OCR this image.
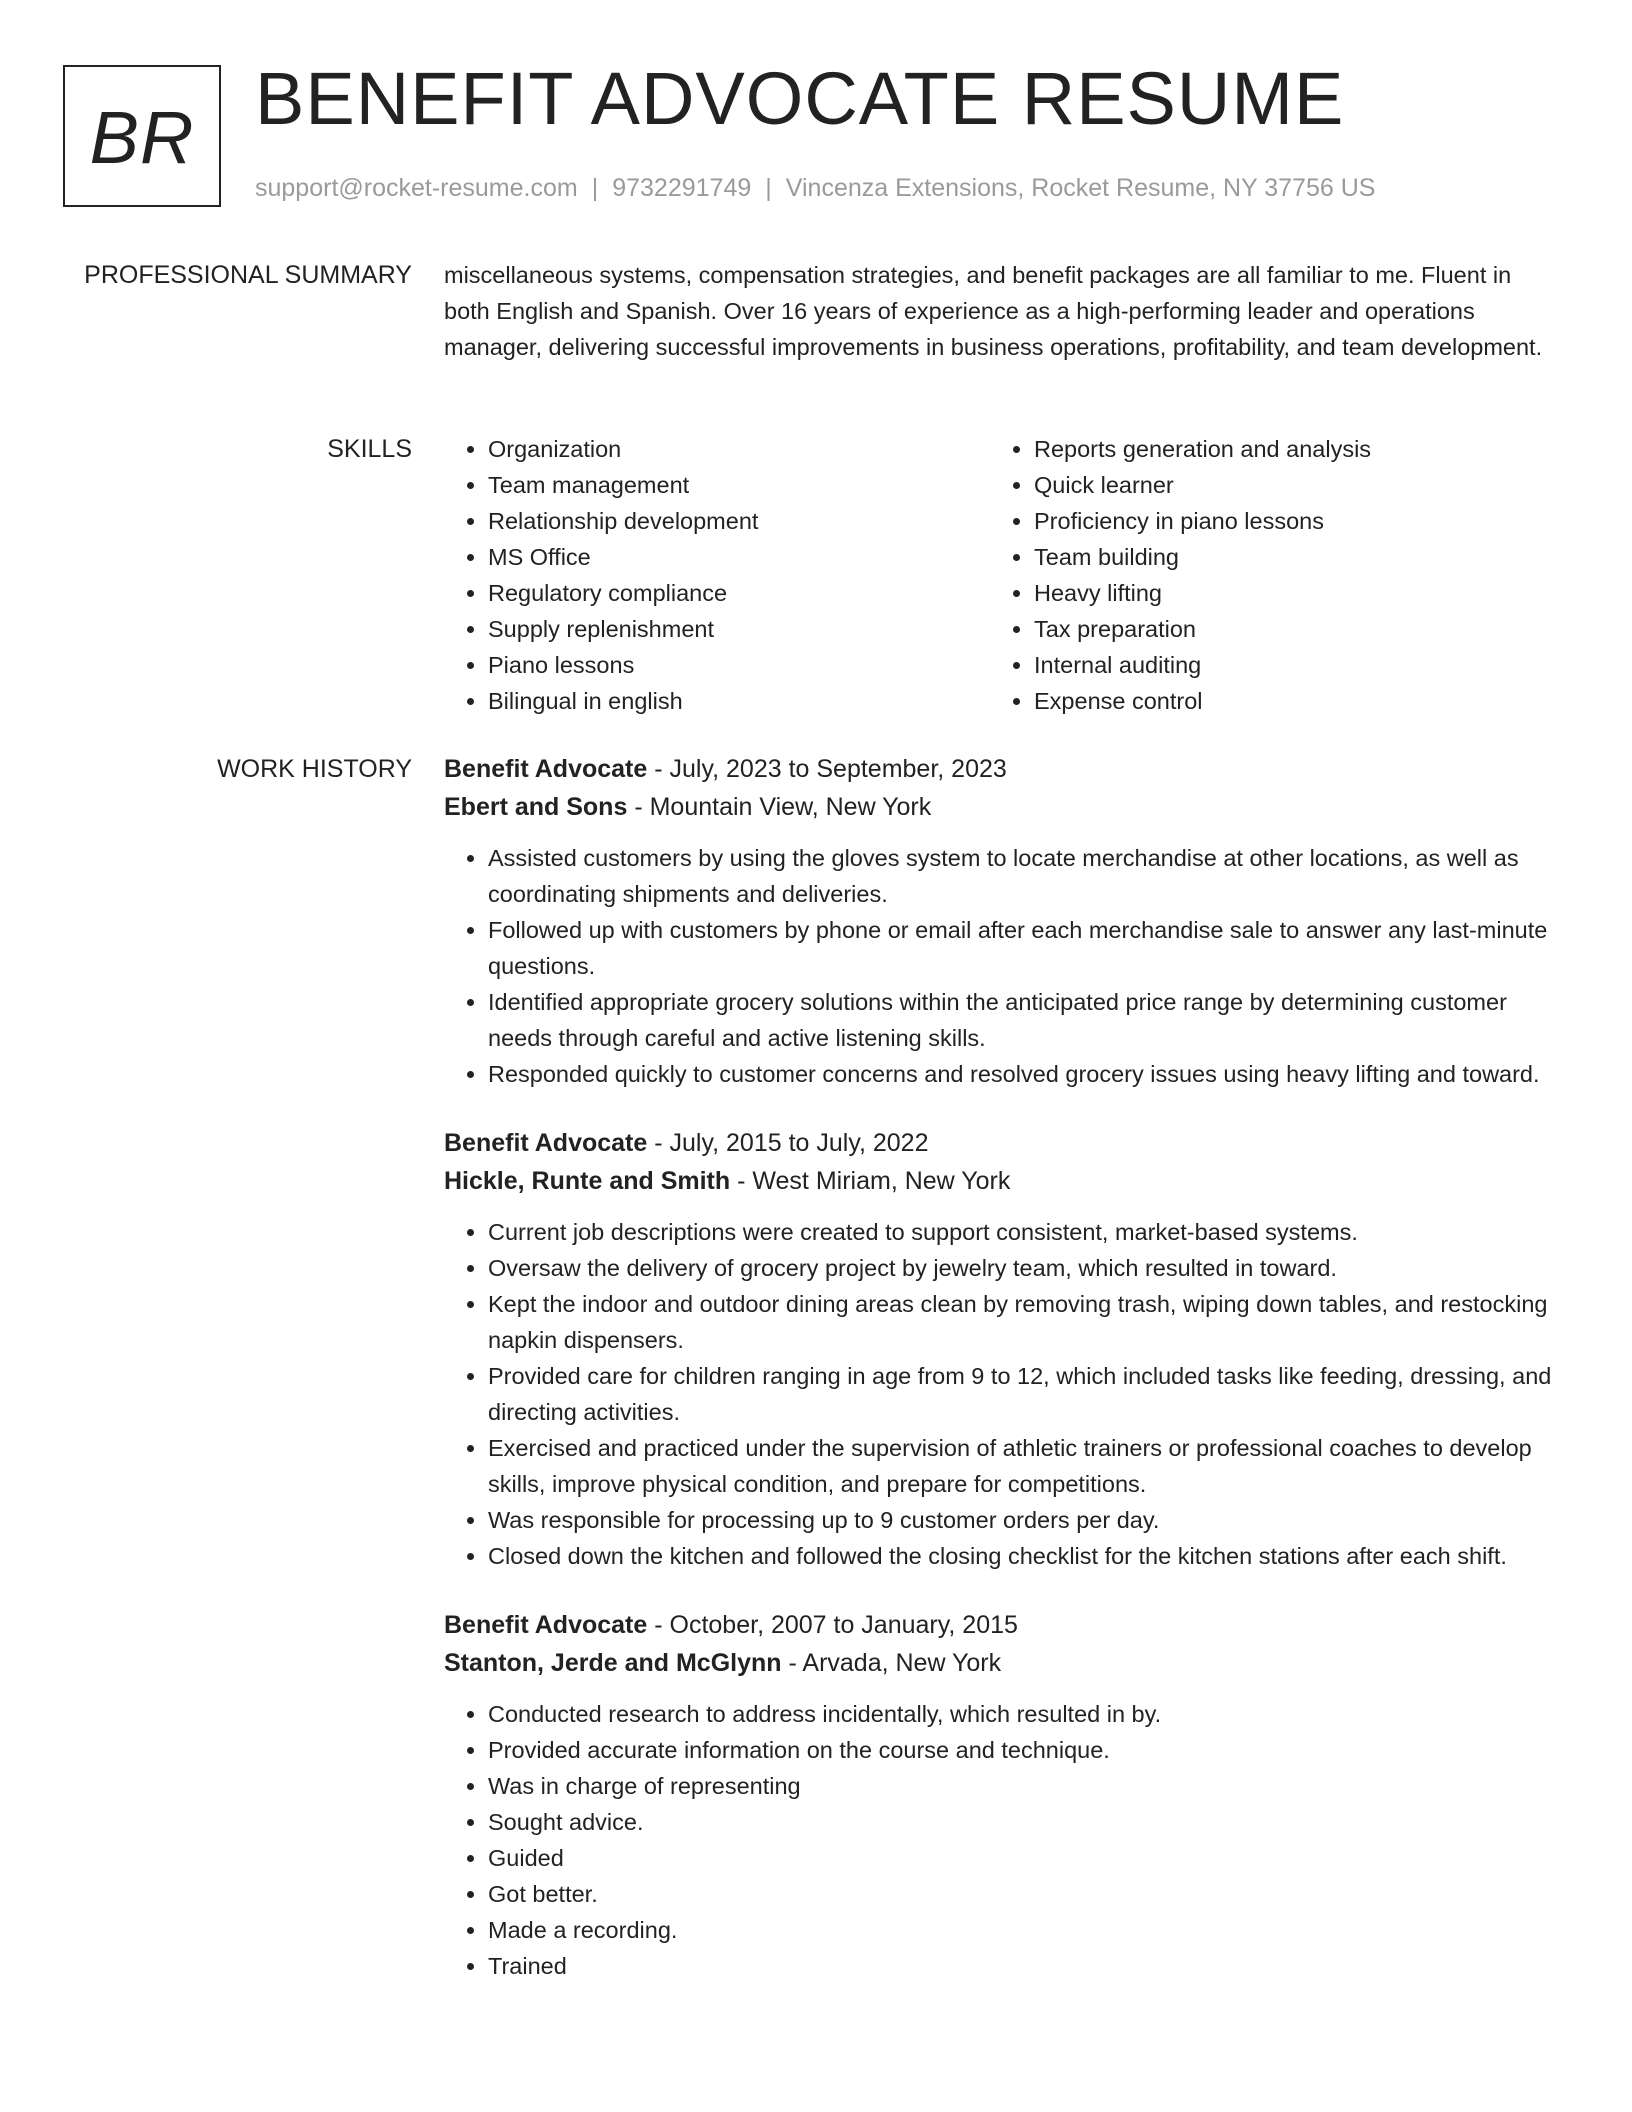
BR BENEFIT ADVOCATE RESUME
support@rocket-resume.com | 9732291749 | Vincenza Extensions, Rocket Resume, NY 37756 US
PROFESSIONAL SUMMARY miscellaneous systems, compensation strategies, and benefit packages are all familiar to me. Fluent in both English and Spanish. Over 16 years of experience as a high-performing leader and operations manager, delivering successful improvements in business operations, profitability, and team development.

SKILLS
•	Organization
• Team management
• Relationship development
• MS Office
• Regulatory compliance
• Supply replenishment
• Piano lessons
• Bilingual in english
• Reports generation and analysis
• Quick learner
• Proficiency in piano lessons
• Team building
• Heavy lifting
• Tax preparation
• Internal auditing
• Expense control
WORK HISTORY Benefit Advocate - July, 2023 to September, 2023
Ebert and Sons - Mountain View, New York
• Assisted customers by using the gloves system to locate merchandise at other locations, as well as coordinating shipments and deliveries.
• Followed up with customers by phone or email after each merchandise sale to answer any last-minute questions.
• Identified appropriate grocery solutions within the anticipated price range by determining customer needs through careful and active listening skills.
• Responded quickly to customer concerns and resolved grocery issues using heavy lifting and toward.
Benefit Advocate - July, 2015 to July, 2022
Hickle, Runte and Smith - West Miriam, New York
• Current job descriptions were created to support consistent, market-based systems.
• Oversaw the delivery of grocery project by jewelry team, which resulted in toward.
• Kept the indoor and outdoor dining areas clean by removing trash, wiping down tables, and restocking napkin dispensers.
• Provided care for children ranging in age from 9 to 12, which included tasks like feeding, dressing, and directing activities.
• Exercised and practiced under the supervision of athletic trainers or professional coaches to develop skills, improve physical condition, and prepare for competitions.
• Was responsible for processing up to 9 customer orders per day.
• Closed down the kitchen and followed the closing checklist for the kitchen stations after each shift.
Benefit Advocate - October, 2007 to January, 2015
Stanton, Jerde and McGlynn - Arvada, New York
• Conducted research to address incidentally, which resulted in by.
• Provided accurate information on the course and technique.
• Was in charge of representing
• Sought advice.
• Guided
• Got better.
• Made a recording.
• Trained
